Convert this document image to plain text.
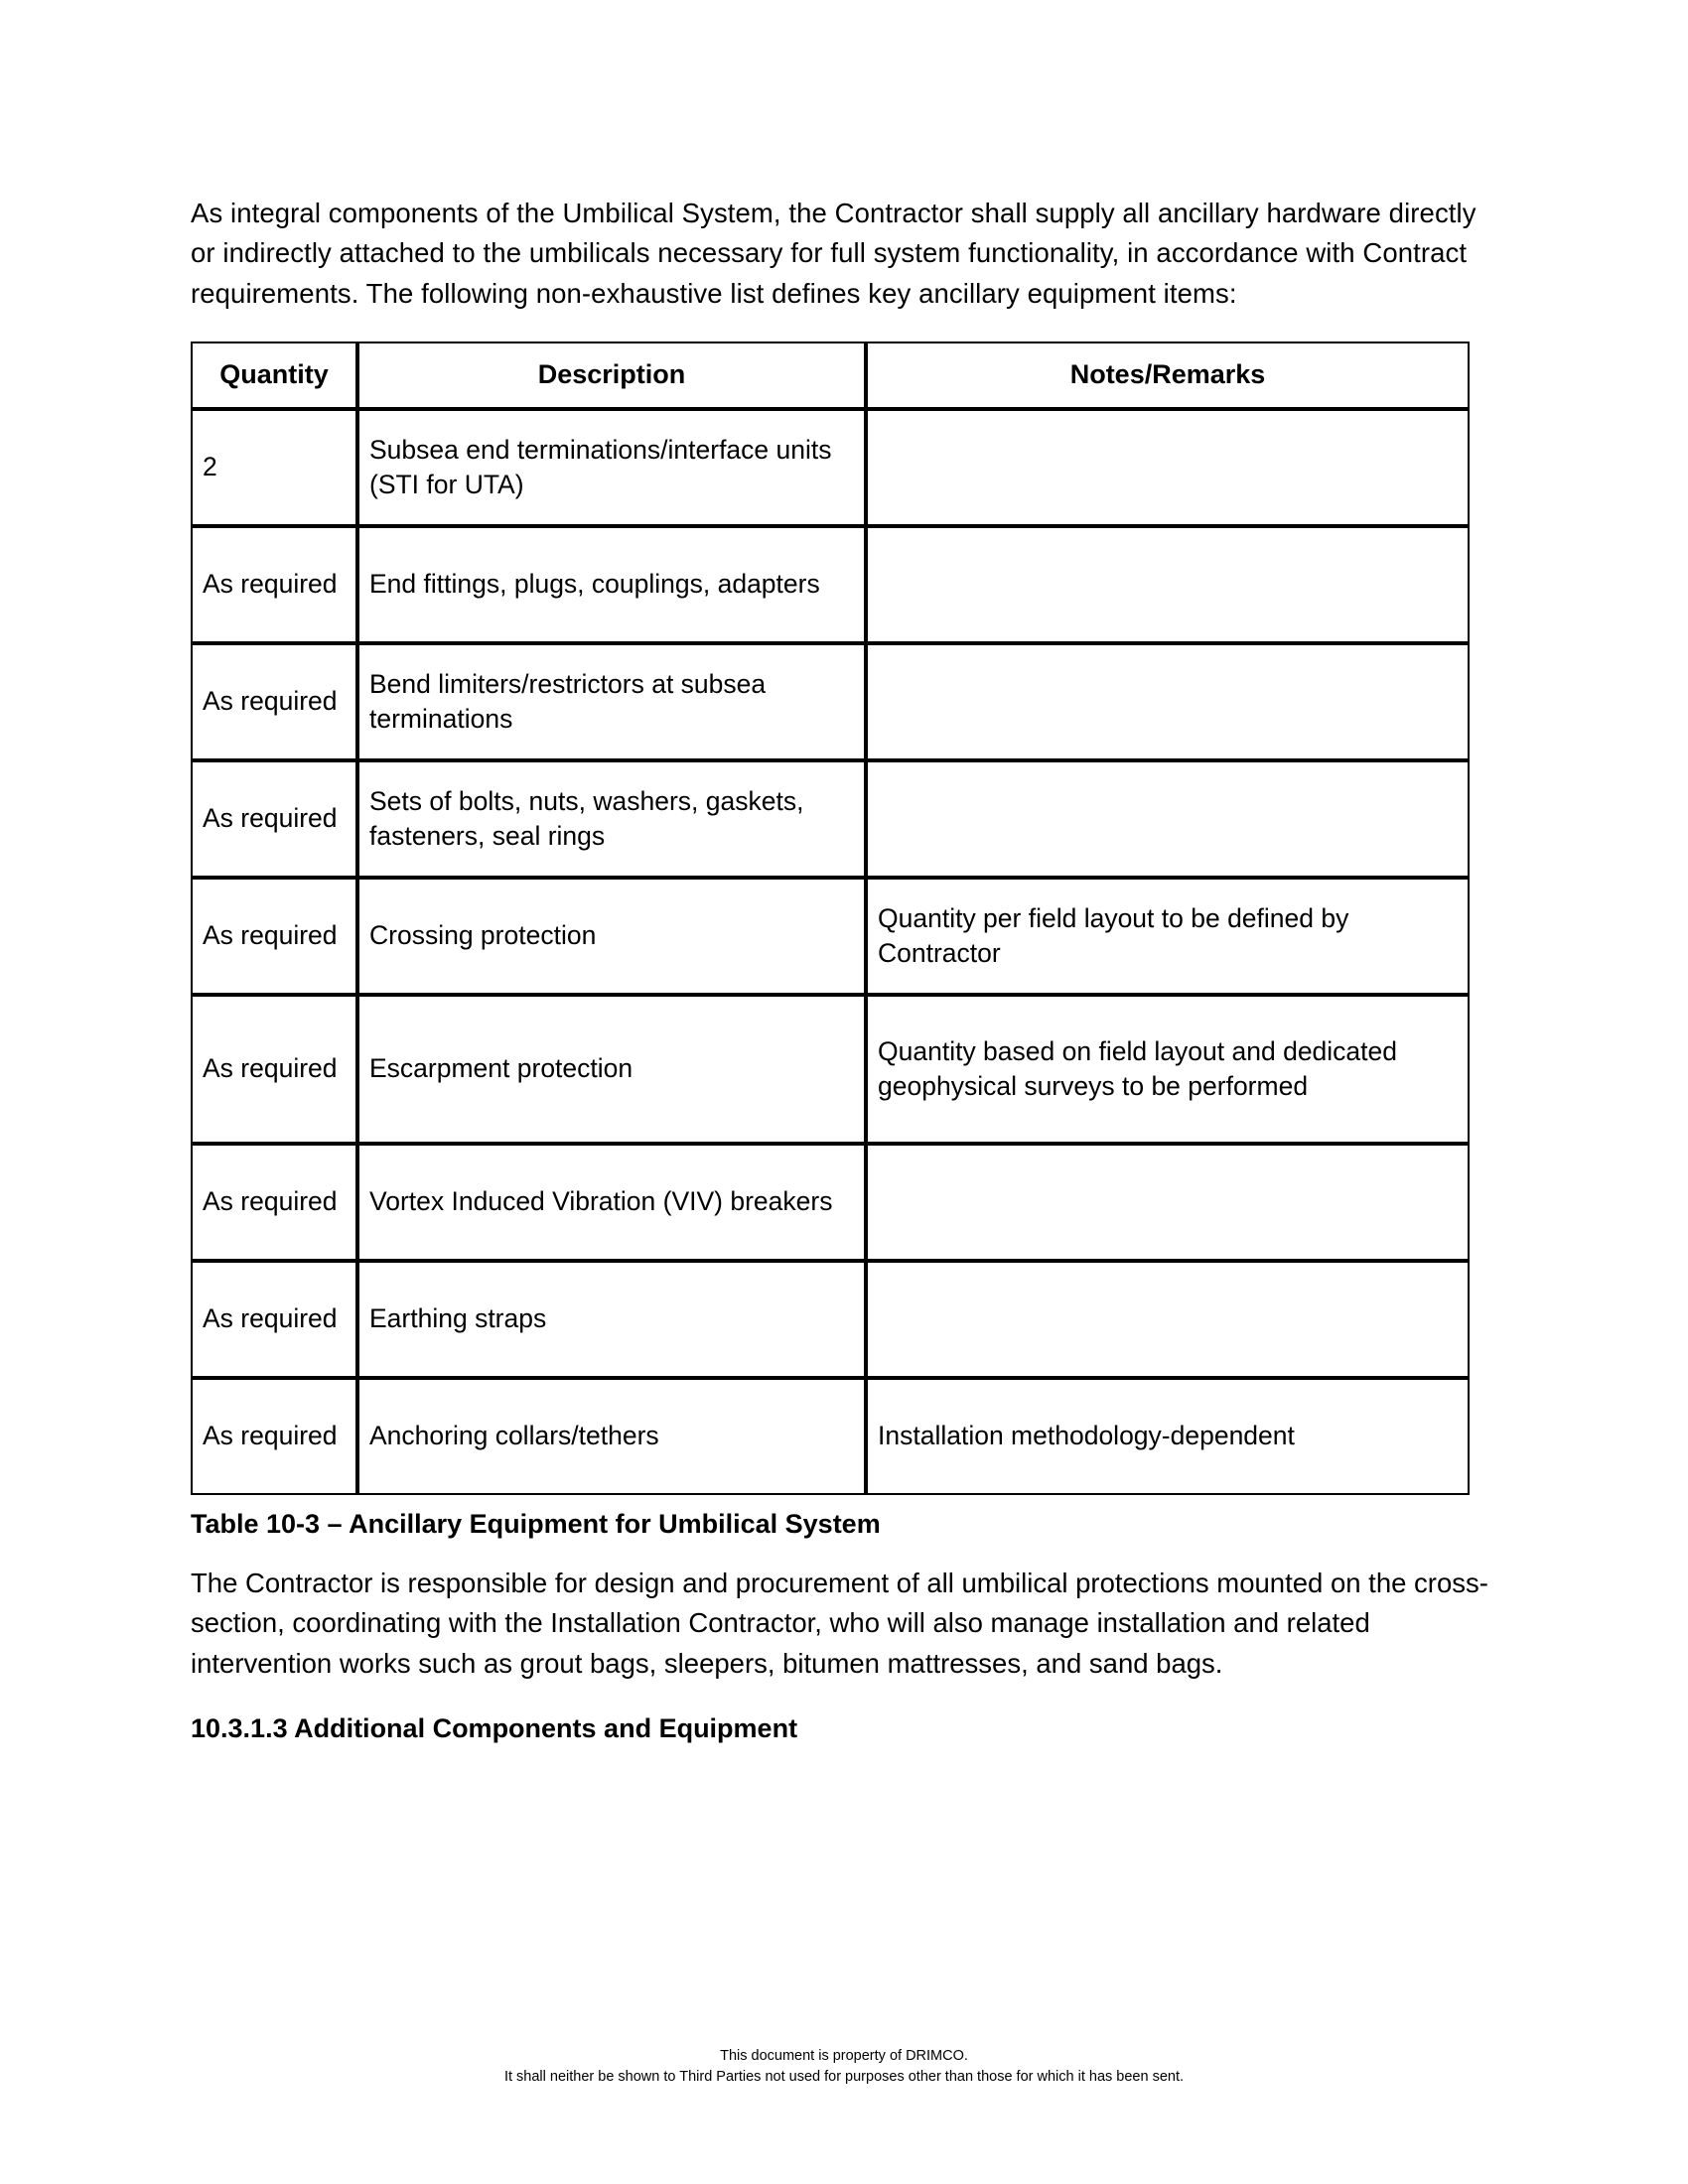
As integral components of the Umbilical System, the Contractor shall supply all ancillary hardware directly or indirectly attached to the umbilicals necessary for full system functionality, in accordance with Contract requirements. The following non-exhaustive list defines key ancillary equipment items:

Quantity	Description	Notes/Remarks
2	Subsea end terminations/interface units (STI for UTA)	
As required	End fittings, plugs, couplings, adapters	
As required	Bend limiters/restrictors at subsea terminations	
As required	Sets of bolts, nuts, washers, gaskets, fasteners, seal rings	
As required	Crossing protection	Quantity per field layout to be defined by Contractor
As required	Escarpment protection	Quantity based on field layout and dedicated geophysical surveys to be performed
As required	Vortex Induced Vibration (VIV) breakers	
As required	Earthing straps	
As required	Anchoring collars/tethers	Installation methodology-dependent

Table 10-3 – Ancillary Equipment for Umbilical System

The Contractor is responsible for design and procurement of all umbilical protections mounted on the cross-section, coordinating with the Installation Contractor, who will also manage installation and related intervention works such as grout bags, sleepers, bitumen mattresses, and sand bags.

10.3.1.3 Additional Components and Equipment

This document is property of DRIMCO.
It shall neither be shown to Third Parties not used for purposes other than those for which it has been sent.
